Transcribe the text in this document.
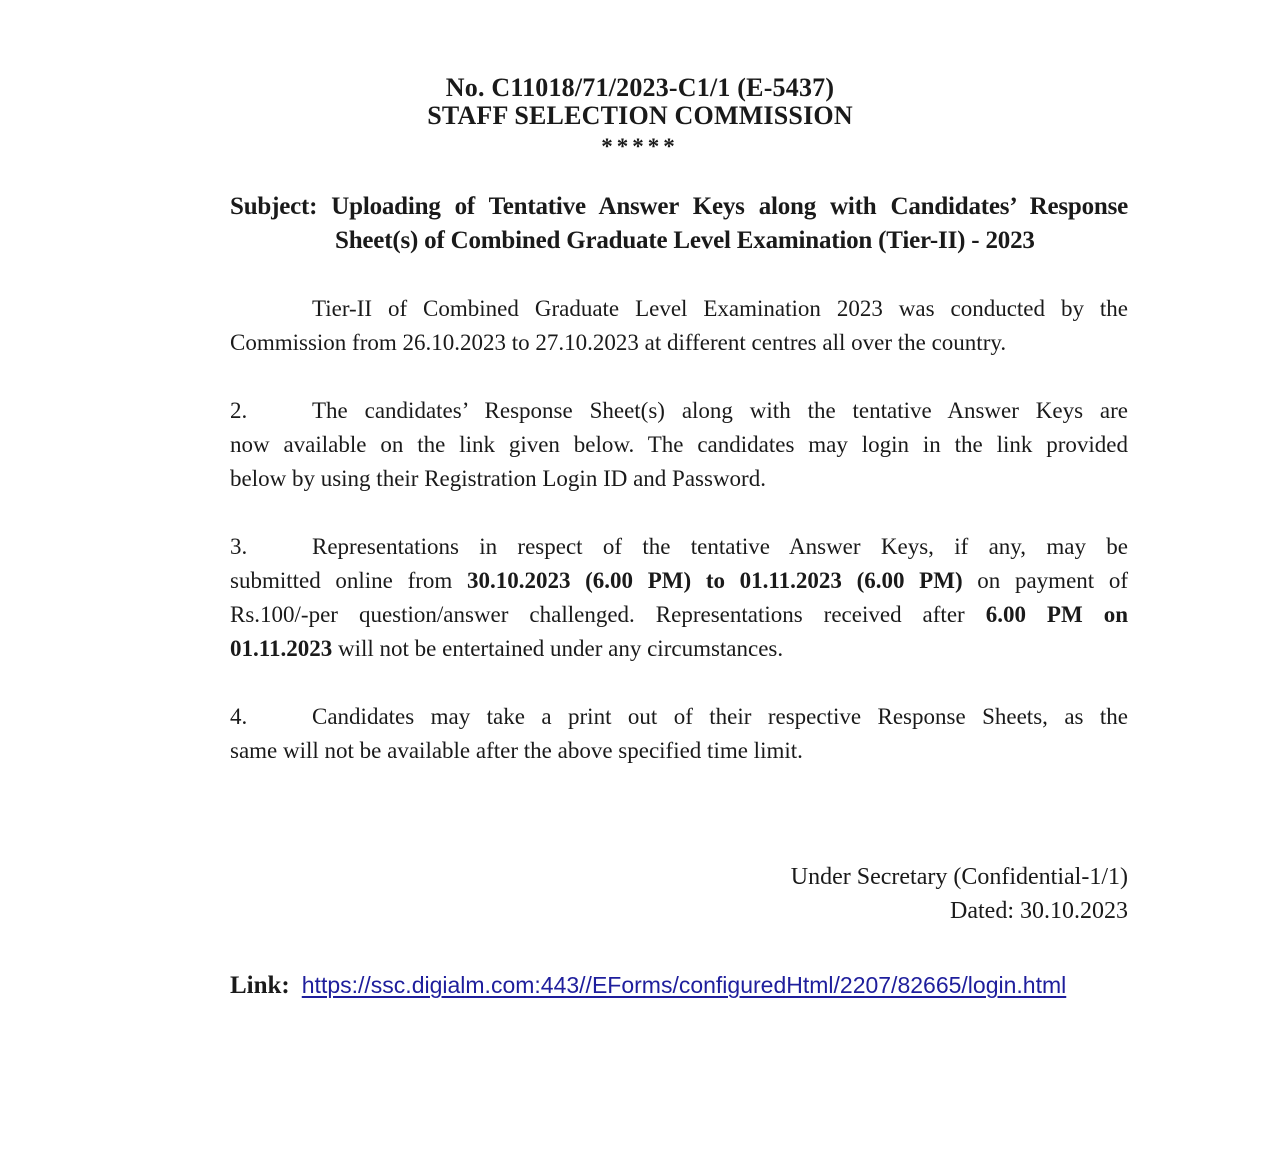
No. C11018/71/2023-C1/1 (E-5437)
STAFF SELECTION COMMISSION
*****
Subject: Uploading of Tentative Answer Keys along with Candidates’ Response
Sheet(s) of Combined Graduate Level Examination (Tier-II) - 2023
Tier-II of Combined Graduate Level Examination 2023 was conducted by the
Commission from 26.10.2023 to 27.10.2023 at different centres all over the country.
2.	The candidates’ Response Sheet(s) along with the tentative Answer Keys are
now available on the link given below. The candidates may login in the link provided
below by using their Registration Login ID and Password.
3.	Representations in respect of the tentative Answer Keys, if any, may be
submitted online from 30.10.2023 (6.00 PM) to 01.11.2023 (6.00 PM) on payment of
Rs.100/-per question/answer challenged. Representations received after 6.00 PM on
01.11.2023 will not be entertained under any circumstances.
4.	Candidates may take a print out of their respective Response Sheets, as the
same will not be available after the above specified time limit.
Under Secretary (Confidential-1/1)
Dated: 30.10.2023
Link: https://ssc.digialm.com:443//EForms/configuredHtml/2207/82665/login.html
